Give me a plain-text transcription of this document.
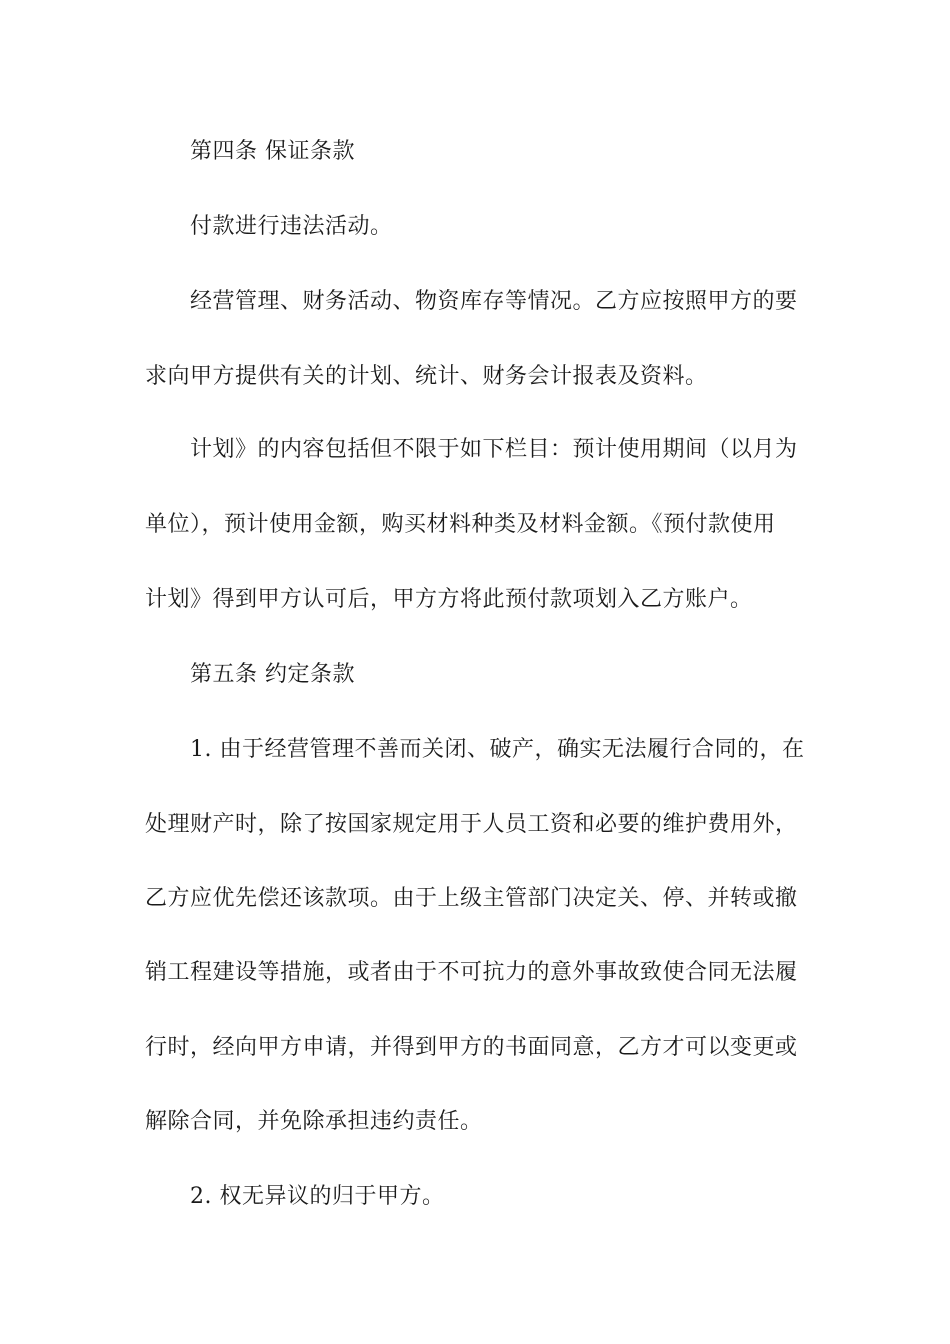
第四条 保证条款
付款进行违法活动。
经营管理、财务活动、物资库存等情况。乙方应按照甲方的要
求向甲方提供有关的计划、统计、财务会计报表及资料。
计划》的内容包括但不限于如下栏目：预计使用期间（以月为
单位），预计使用金额，购买材料种类及材料金额。《预付款使用
计划》得到甲方认可后，甲方方将此预付款项划入乙方账户。
第五条 约定条款
1. 由于经营管理不善而关闭、破产，确实无法履行合同的，在
处理财产时，除了按国家规定用于人员工资和必要的维护费用外，
乙方应优先偿还该款项。由于上级主管部门决定关、停、并转或撤
销工程建设等措施，或者由于不可抗力的意外事故致使合同无法履
行时，经向甲方申请，并得到甲方的书面同意，乙方才可以变更或
解除合同，并免除承担违约责任。
2. 权无异议的归于甲方。
